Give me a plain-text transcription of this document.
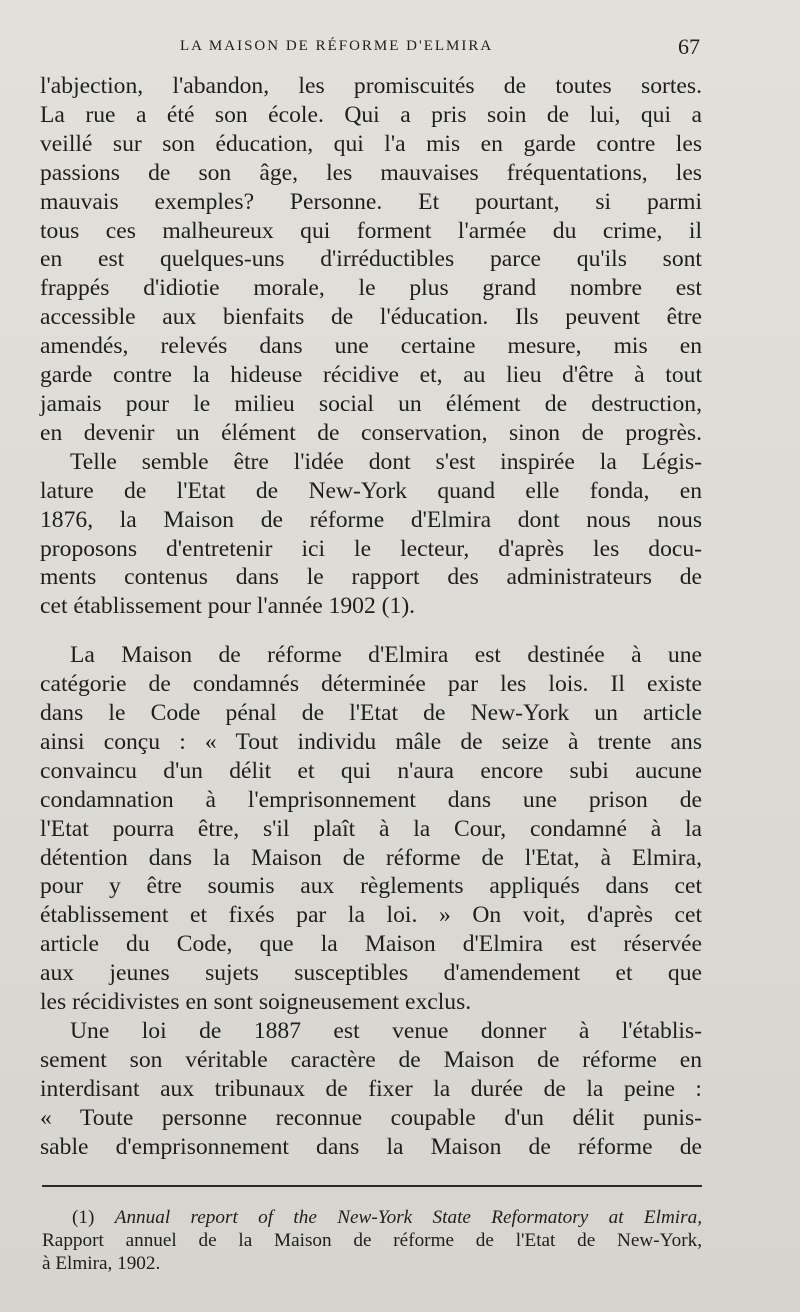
LA MAISON DE RÉFORME D'ELMIRA	67

l'abjection, l'abandon, les promiscuités de toutes sortes.
La rue a été son école. Qui a pris soin de lui, qui a
veillé sur son éducation, qui l'a mis en garde contre les
passions de son âge, les mauvaises fréquentations, les
mauvais exemples? Personne. Et pourtant, si parmi
tous ces malheureux qui forment l'armée du crime, il
en est quelques-uns d'irréductibles parce qu'ils sont
frappés d'idiotie morale, le plus grand nombre est
accessible aux bienfaits de l'éducation. Ils peuvent être
amendés, relevés dans une certaine mesure, mis en
garde contre la hideuse récidive et, au lieu d'être à tout
jamais pour le milieu social un élément de destruction,
en devenir un élément de conservation, sinon de progrès.

Telle semble être l'idée dont s'est inspirée la Légis-
lature de l'Etat de New-York quand elle fonda, en
1876, la Maison de réforme d'Elmira dont nous nous
proposons d'entretenir ici le lecteur, d'après les docu-
ments contenus dans le rapport des administrateurs de
cet établissement pour l'année 1902 (1).

La Maison de réforme d'Elmira est destinée à une
catégorie de condamnés déterminée par les lois. Il existe
dans le Code pénal de l'Etat de New-York un article
ainsi conçu : « Tout individu mâle de seize à trente ans
convaincu d'un délit et qui n'aura encore subi aucune
condamnation à l'emprisonnement dans une prison de
l'Etat pourra être, s'il plaît à la Cour, condamné à la
détention dans la Maison de réforme de l'Etat, à Elmira,
pour y être soumis aux règlements appliqués dans cet
établissement et fixés par la loi. » On voit, d'après cet
article du Code, que la Maison d'Elmira est réservée
aux jeunes sujets susceptibles d'amendement et que
les récidivistes en sont soigneusement exclus.

Une loi de 1887 est venue donner à l'établis-
sement son véritable caractère de Maison de réforme en
interdisant aux tribunaux de fixer la durée de la peine :
« Toute personne reconnue coupable d'un délit punis-
sable d'emprisonnement dans la Maison de réforme de

(1) Annual report of the New-York State Reformatory at Elmira,
Rapport annuel de la Maison de réforme de l'Etat de New-York,
à Elmira, 1902.
